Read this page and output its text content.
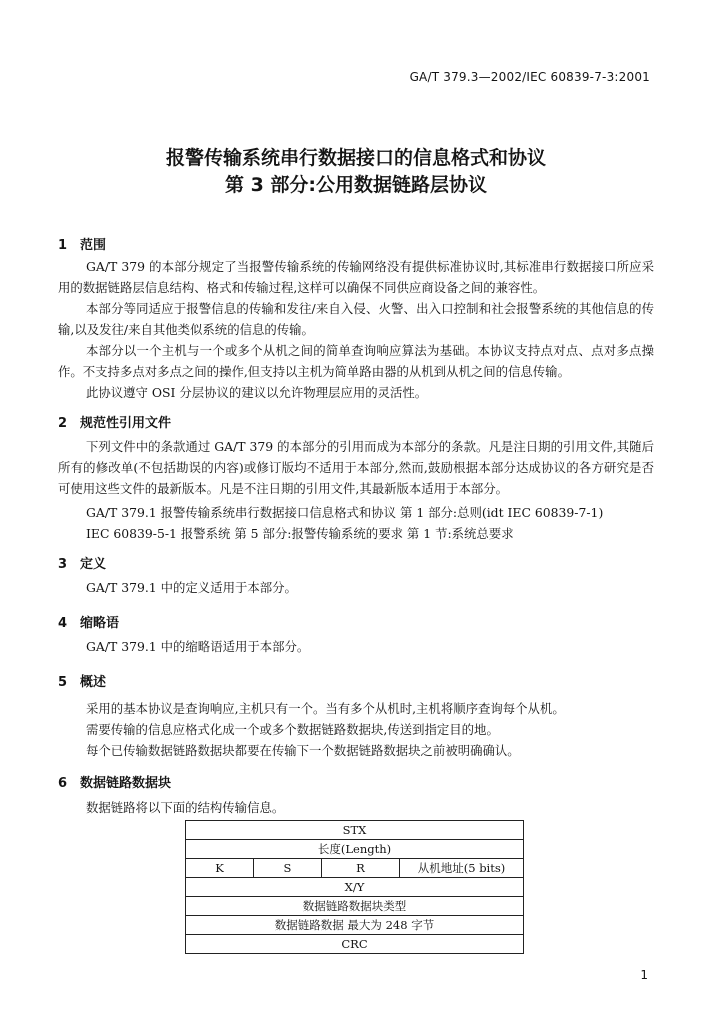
GA/T 379.3—2002/IEC 60839-7-3:2001
报警传输系统串行数据接口的信息格式和协议
第 3 部分:公用数据链路层协议
1 范围

GA/T 379 的本部分规定了当报警传输系统的传输网络没有提供标准协议时,其标准串行数据接口所应采用的数据链路层信息结构、格式和传输过程,这样可以确保不同供应商设备之间的兼容性。

本部分等同适应于报警信息的传输和发往/来自入侵、火警、出入口控制和社会报警系统的其他信息的传输,以及发往/来自其他类似系统的信息的传输。

本部分以一个主机与一个或多个从机之间的简单查询响应算法为基础。本协议支持点对点、点对多点操作。不支持多点对多点之间的操作,但支持以主机为简单路由器的从机到从机之间的信息传输。

此协议遵守 OSI 分层协议的建议以允许物理层应用的灵活性。

2 规范性引用文件

下列文件中的条款通过 GA/T 379 的本部分的引用而成为本部分的条款。凡是注日期的引用文件,其随后所有的修改单(不包括勘误的内容)或修订版均不适用于本部分,然而,鼓励根据本部分达成协议的各方研究是否可使用这些文件的最新版本。凡是不注日期的引用文件,其最新版本适用于本部分。

GA/T 379.1 报警传输系统串行数据接口信息格式和协议 第 1 部分:总则(idt IEC 60839-7-1)
IEC 60839-5-1 报警系统 第 5 部分:报警传输系统的要求 第 1 节:系统总要求
3 定义
GA/T 379.1 中的定义适用于本部分。
4 缩略语
GA/T 379.1 中的缩略语适用于本部分。
5 概述
采用的基本协议是查询响应,主机只有一个。当有多个从机时,主机将顺序查询每个从机。
需要传输的信息应格式化成一个或多个数据链路数据块,传送到指定目的地。
每个已传输数据链路数据块都要在传输下一个数据链路数据块之前被明确确认。
6 数据链路数据块
数据链路将以下面的结构传输信息。
STX
长度(Length)
K	S	R	从机地址(5 bits)
X/Y
数据链路数据块类型
数据链路数据 最大为 248 字节
CRC
1
